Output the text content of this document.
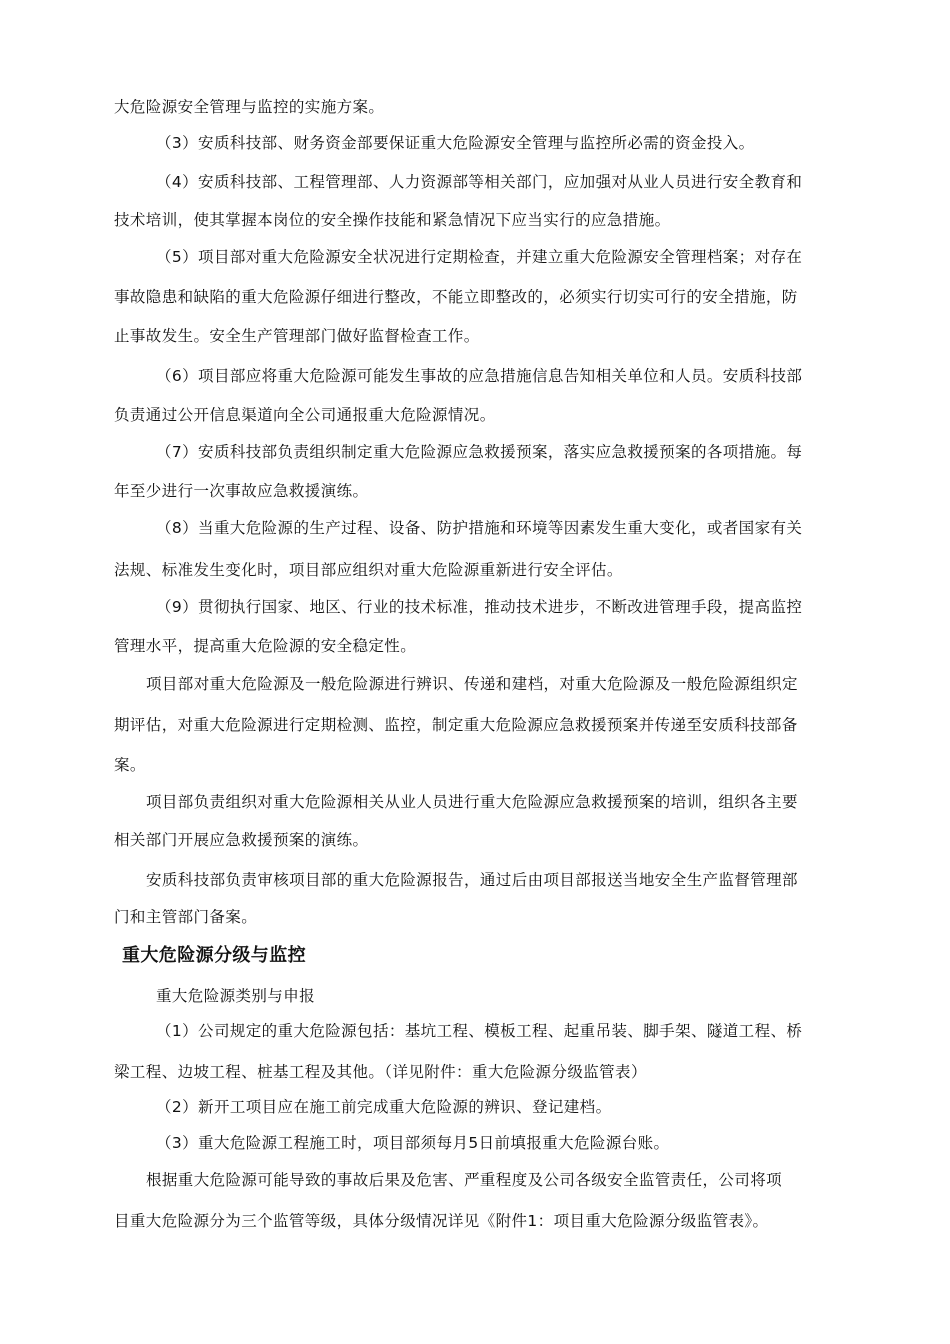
大危险源安全管理与监控的实施方案。
（3）安质科技部、财务资金部要保证重大危险源安全管理与监控所必需的资金投入。
（4）安质科技部、工程管理部、人力资源部等相关部门，应加强对从业人员进行安全教育和
技术培训，使其掌握本岗位的安全操作技能和紧急情况下应当实行的应急措施。
（5）项目部对重大危险源安全状况进行定期检查，并建立重大危险源安全管理档案；对存在
事故隐患和缺陷的重大危险源仔细进行整改，不能立即整改的，必须实行切实可行的安全措施，防
止事故发生。安全生产管理部门做好监督检查工作。
（6）项目部应将重大危险源可能发生事故的应急措施信息告知相关单位和人员。安质科技部
负责通过公开信息渠道向全公司通报重大危险源情况。
（7）安质科技部负责组织制定重大危险源应急救援预案，落实应急救援预案的各项措施。每
年至少进行一次事故应急救援演练。
（8）当重大危险源的生产过程、设备、防护措施和环境等因素发生重大变化，或者国家有关
法规、标准发生变化时，项目部应组织对重大危险源重新进行安全评估。
（9）贯彻执行国家、地区、行业的技术标准，推动技术进步，不断改进管理手段，提高监控
管理水平，提高重大危险源的安全稳定性。
项目部对重大危险源及一般危险源进行辨识、传递和建档，对重大危险源及一般危险源组织定
期评估，对重大危险源进行定期检测、监控，制定重大危险源应急救援预案并传递至安质科技部备
案。
项目部负责组织对重大危险源相关从业人员进行重大危险源应急救援预案的培训，组织各主要
相关部门开展应急救援预案的演练。
安质科技部负责审核项目部的重大危险源报告，通过后由项目部报送当地安全生产监督管理部
门和主管部门备案。
重大危险源分级与监控
重大危险源类别与申报
（1）公司规定的重大危险源包括：基坑工程、模板工程、起重吊装、脚手架、隧道工程、桥
梁工程、边坡工程、桩基工程及其他。（详见附件：重大危险源分级监管表）
（2）新开工项目应在施工前完成重大危险源的辨识、登记建档。
（3）重大危险源工程施工时，项目部须每月5日前填报重大危险源台账。
根据重大危险源可能导致的事故后果及危害、严重程度及公司各级安全监管责任，公司将项
目重大危险源分为三个监管等级，具体分级情况详见《附件1：项目重大危险源分级监管表》。
